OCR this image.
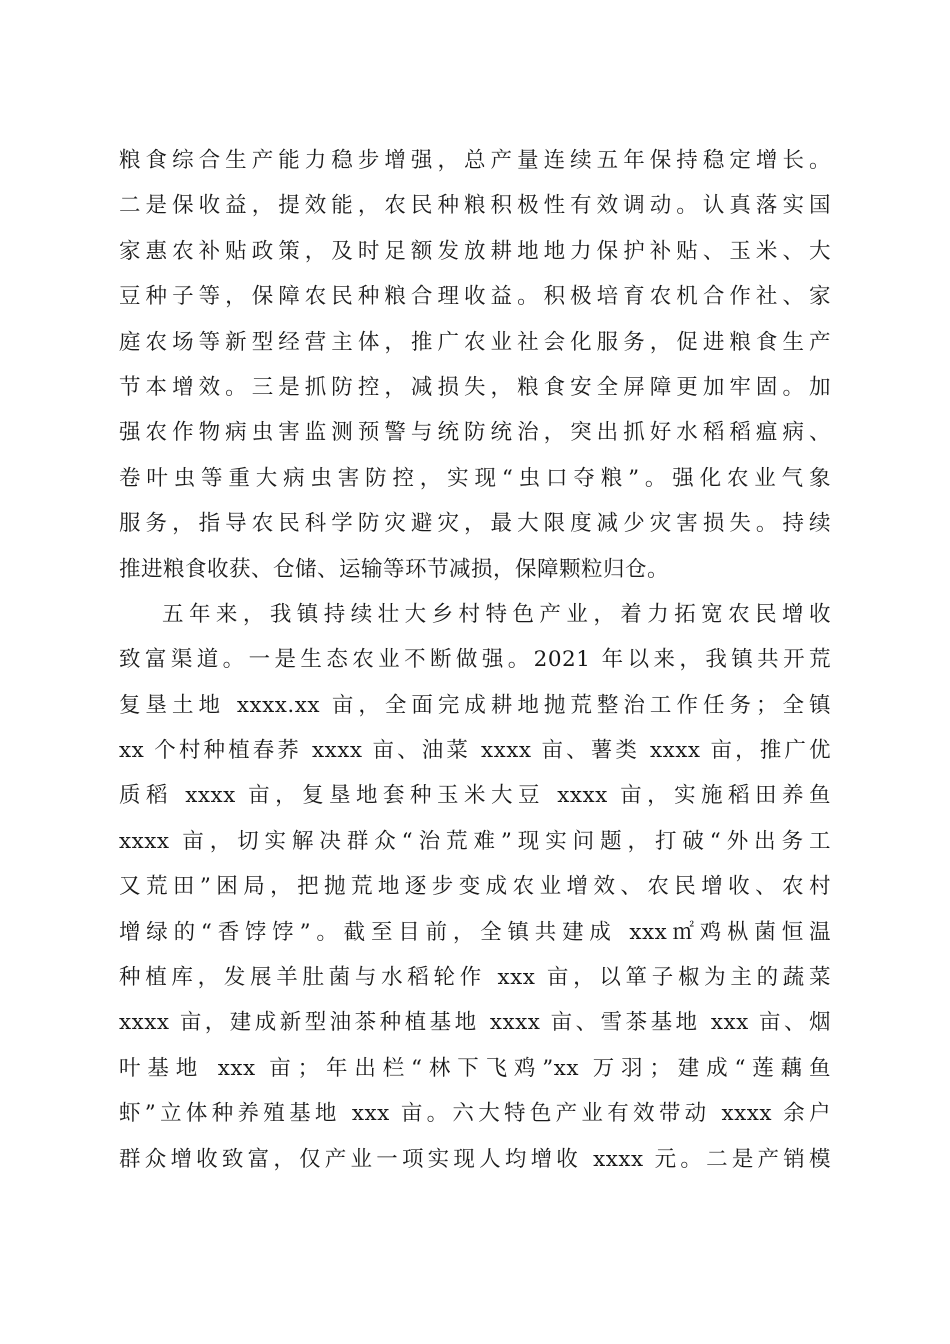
粮食综合生产能力稳步增强，总产量连续五年保持稳定增长。
二是保收益，提效能，农民种粮积极性有效调动。认真落实国
家惠农补贴政策，及时足额发放耕地地力保护补贴、玉米、大
豆种子等，保障农民种粮合理收益。积极培育农机合作社、家
庭农场等新型经营主体，推广农业社会化服务，促进粮食生产
节本增效。三是抓防控，减损失，粮食安全屏障更加牢固。加
强农作物病虫害监测预警与统防统治，突出抓好水稻稻瘟病、
卷叶虫等重大病虫害防控，实现“虫口夺粮”。强化农业气象
服务，指导农民科学防灾避灾，最大限度减少灾害损失。持续
推进粮食收获、仓储、运输等环节减损，保障颗粒归仓。
五年来，我镇持续壮大乡村特色产业，着力拓宽农民增收
致富渠道。一是生态农业不断做强。2021 年以来，我镇共开荒
复垦土地 xxxx.xx 亩，全面完成耕地抛荒整治工作任务；全镇
xx 个村种植春荞 xxxx 亩、油菜 xxxx 亩、薯类 xxxx 亩，推广优
质稻 xxxx 亩，复垦地套种玉米大豆 xxxx 亩，实施稻田养鱼
xxxx 亩，切实解决群众“治荒难”现实问题，打破“外出务工
又荒田”困局，把抛荒地逐步变成农业增效、农民增收、农村
增绿的“香饽饽”。截至目前，全镇共建成 xxx㎡鸡枞菌恒温
种植库，发展羊肚菌与水稻轮作 xxx 亩，以箪子椒为主的蔬菜
xxxx 亩，建成新型油茶种植基地 xxxx 亩、雪茶基地 xxx 亩、烟
叶基地 xxx 亩；年出栏“林下飞鸡”xx 万羽；建成“莲藕鱼
虾”立体种养殖基地 xxx 亩。六大特色产业有效带动 xxxx 余户
群众增收致富，仅产业一项实现人均增收 xxxx 元。二是产销模
